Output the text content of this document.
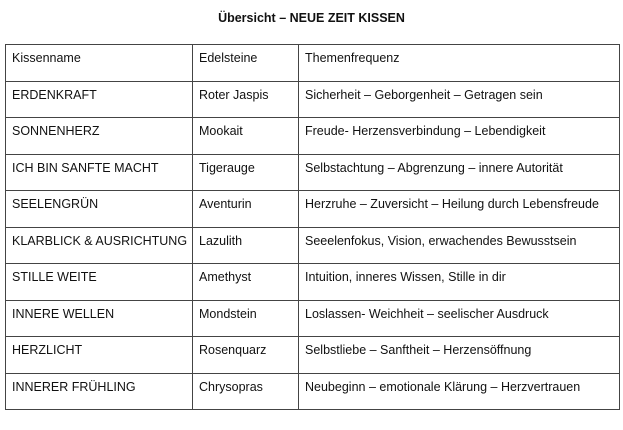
Übersicht – NEUE ZEIT KISSEN
Kissenname	Edelsteine	Themenfrequenz
ERDENKRAFT	Roter Jaspis	Sicherheit – Geborgenheit – Getragen sein
SONNENHERZ	Mookait	Freude- Herzensverbindung – Lebendigkeit
ICH BIN SANFTE MACHT	Tigerauge	Selbstachtung – Abgrenzung – innere Autorität
SEELENGRÜN	Aventurin	Herzruhe – Zuversicht – Heilung durch Lebensfreude
KLARBLICK & AUSRICHTUNG	Lazulith	Seeelenfokus, Vision, erwachendes Bewusstsein
STILLE WEITE	Amethyst	Intuition, inneres Wissen, Stille in dir
INNERE WELLEN	Mondstein	Loslassen- Weichheit – seelischer Ausdruck
HERZLICHT	Rosenquarz	Selbstliebe – Sanftheit – Herzensöffnung
INNERER FRÜHLING	Chrysopras	Neubeginn – emotionale Klärung – Herzvertrauen
